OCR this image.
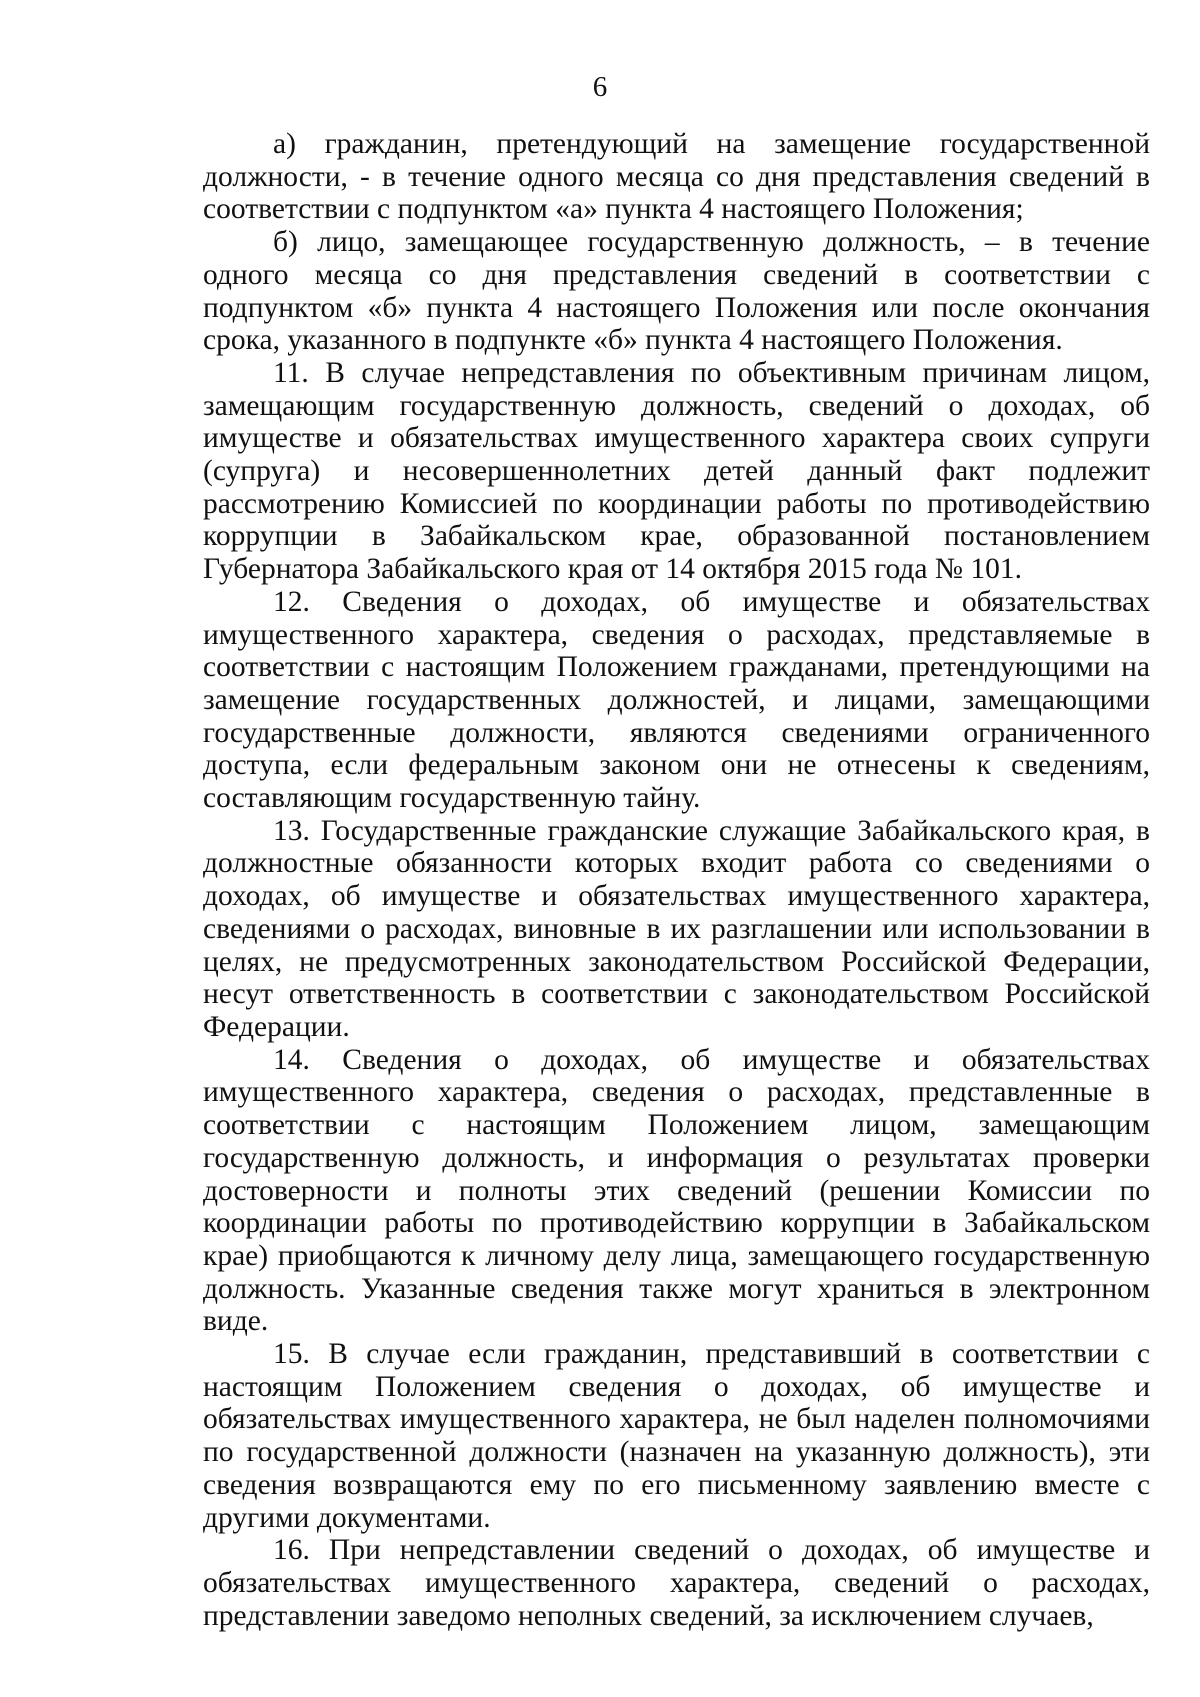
6

а) гражданин, претендующий на замещение государственной должности, - в течение одного месяца со дня представления сведений в соответствии с подпунктом «а» пункта 4 настоящего Положения;

б) лицо, замещающее государственную должность, – в течение одного месяца со дня представления сведений в соответствии с подпунктом «б» пункта 4 настоящего Положения или после окончания срока, указанного в подпункте «б» пункта 4 настоящего Положения.

11. В случае непредставления по объективным причинам лицом, замещающим государственную должность, сведений о доходах, об имуществе и обязательствах имущественного характера своих супруги (супруга) и несовершеннолетних детей данный факт подлежит рассмотрению Комиссией по координации работы по противодействию коррупции в Забайкальском крае, образованной постановлением Губернатора Забайкальского края от 14 октября 2015 года № 101.

12. Сведения о доходах, об имуществе и обязательствах имущественного характера, сведения о расходах, представляемые в соответствии с настоящим Положением гражданами, претендующими на замещение государственных должностей, и лицами, замещающими государственные должности, являются сведениями ограниченного доступа, если федеральным законом они не отнесены к сведениям, составляющим государственную тайну.

13. Государственные гражданские служащие Забайкальского края, в должностные обязанности которых входит работа со сведениями о доходах, об имуществе и обязательствах имущественного характера, сведениями о расходах, виновные в их разглашении или использовании в целях, не предусмотренных законодательством Российской Федерации, несут ответственность в соответствии с законодательством Российской Федерации.

14. Сведения о доходах, об имуществе и обязательствах имущественного характера, сведения о расходах, представленные в соответствии с настоящим Положением лицом, замещающим государственную должность, и информация о результатах проверки достоверности и полноты этих сведений (решении Комиссии по координации работы по противодействию коррупции в Забайкальском крае) приобщаются к личному делу лица, замещающего государственную должность. Указанные сведения также могут храниться в электронном виде.

15. В случае если гражданин, представивший в соответствии с настоящим Положением сведения о доходах, об имуществе и обязательствах имущественного характера, не был наделен полномочиями по государственной должности (назначен на указанную должность), эти сведения возвращаются ему по его письменному заявлению вместе с другими документами.

16. При непредставлении сведений о доходах, об имуществе и обязательствах имущественного характера, сведений о расходах, представлении заведомо неполных сведений, за исключением случаев,
